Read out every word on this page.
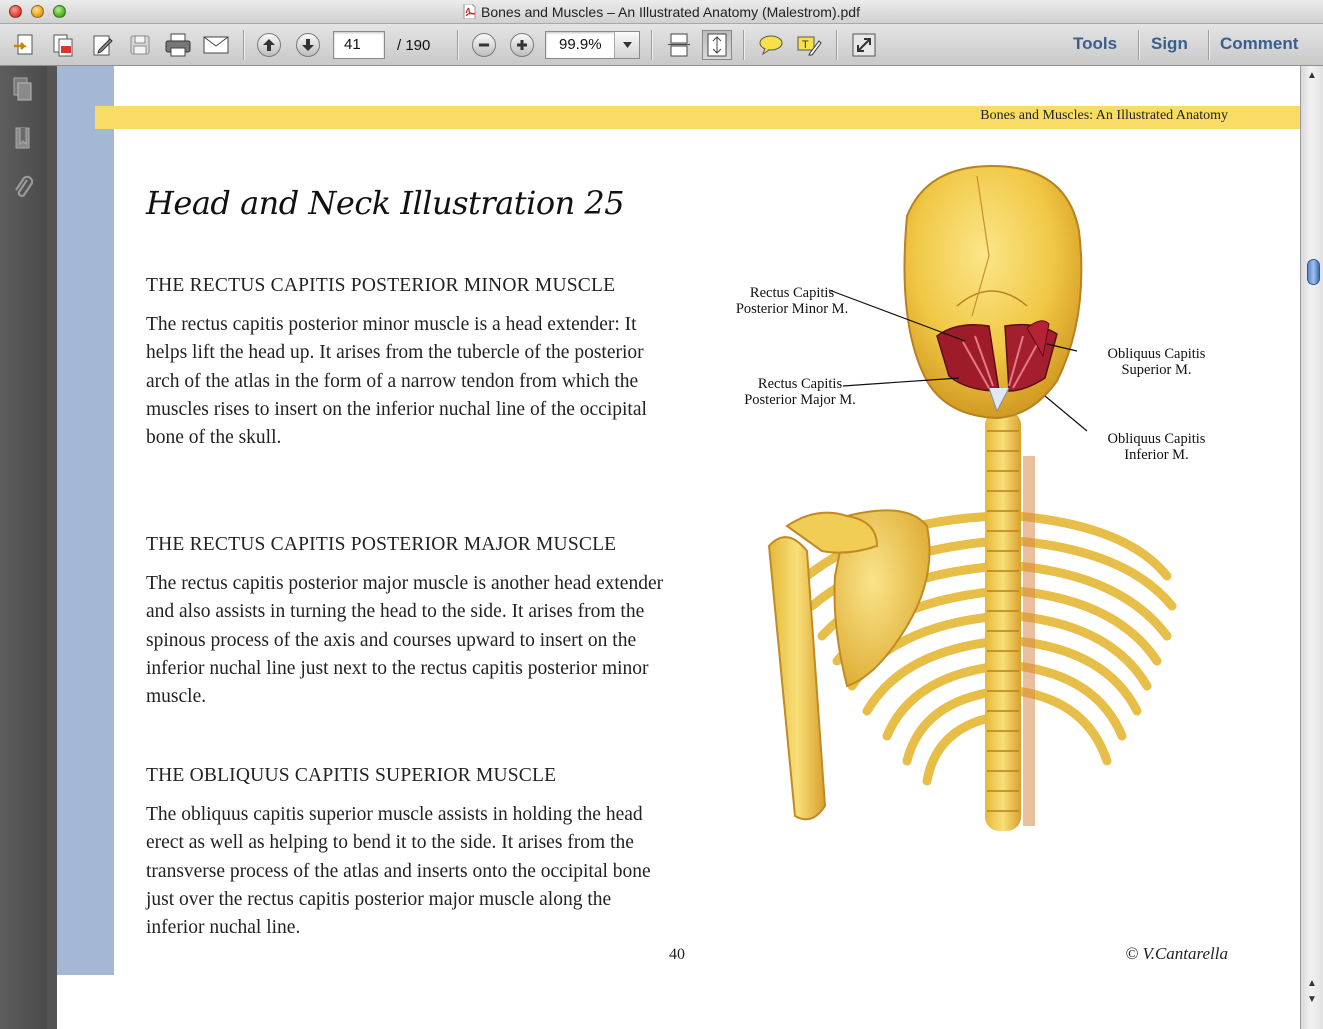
Bones and Muscles – An Illustrated Anatomy (Malestrom).pdf
41	/ 190	99.9%	T	Tools Sign Comment
Bones and Muscles: An Illustrated Anatomy
Head and Neck Illustration 25
THE RECTUS CAPITIS POSTERIOR MINOR MUSCLE

The rectus capitis posterior minor muscle is a head extender: It helps lift the head up. It arises from the tubercle of the posterior arch of the atlas in the form of a narrow tendon from which the muscles rises to insert on the inferior nuchal line of the occipital bone of the skull.

THE RECTUS CAPITIS POSTERIOR MAJOR MUSCLE

The rectus capitis posterior major muscle is another head extender and also assists in turning the head to the side. It arises from the spinous process of the axis and courses upward to insert on the inferior nuchal line just next to the rectus capitis posterior minor muscle.

THE OBLIQUUS CAPITIS SUPERIOR MUSCLE

The obliquus capitis superior muscle assists in holding the head erect as well as helping to bend it to the side. It arises from the transverse process of the atlas and inserts onto the occipital bone just over the rectus capitis posterior major muscle along the inferior nuchal line.

Rectus Capitis
Posterior Minor M.
Rectus Capitis
Posterior Major M.
Obliquus Capitis
Superior M.
Obliquus Capitis
Inferior M.
40	© V.Cantarella
▲
▲
▼
